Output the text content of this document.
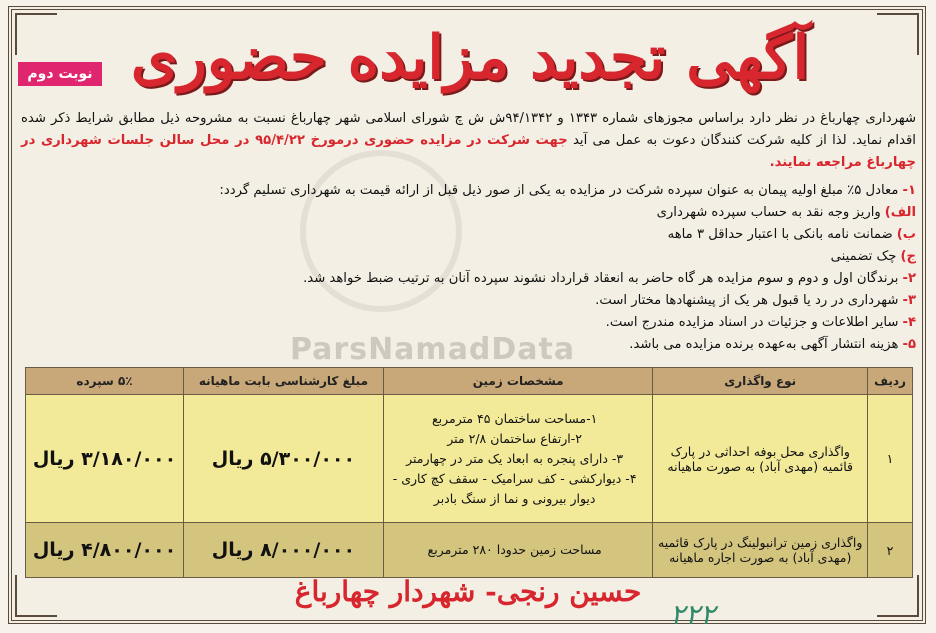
آگهی تجدید مزایده حضوری
نوبت دوم
شهرداری چهارباغ در نظر دارد براساس مجوزهای شماره ۱۳۴۳ و ۹۴/۱۳۴۲ش ش چ شورای اسلامی شهر چهارباغ نسبت به مشروحه ذیل مطابق شرایط ذکر شده اقدام نماید. لذا از کلیه شرکت کنندگان دعوت به عمل می آید جهت شرکت در مزایده حضوری درمورخ ۹۵/۴/۲۲ در محل سالن جلسات شهرداری در چهارباغ مراجعه نمایند.
۱-معادل ۵٪ مبلغ اولیه پیمان به عنوان سپرده شرکت در مزایده به یکی از صور ذیل قبل از ارائه قیمت به شهرداری تسلیم گردد:
الف)واریز وجه نقد به حساب سپرده شهرداری
ب)ضمانت نامه بانکی با اعتبار حداقل ۳ ماهه
ج)چک تضمینی
۲-برندگان اول و دوم و سوم مزایده هر گاه حاضر به انعقاد قرارداد نشوند سپرده آنان به ترتیب ضبط خواهد شد.
۳-شهرداری در رد یا قبول هر یک از پیشنهادها مختار است.
۴-سایر اطلاعات و جزئیات در اسناد مزایده مندرج است.
۵-هزینه انتشار آگهی به‌عهده برنده مزایده می باشد.
ParsNamadData
ردیف	نوع واگذاری	مشخصات زمین	مبلغ کارشناسی بابت ماهیانه	۵٪ سپرده
۱	واگذاری محل بوفه احداثی در پارک قائمیه (مهدی آباد) به صورت ماهیانه	۱-مساحت ساختمان ۴۵ مترمربع
۲-ارتفاع ساختمان ۲/۸ متر
۳- دارای پنجره به ابعاد یک متر در چهارمتر
۴- دیوارکشی - کف سرامیک - سقف کچ کاری - دیوار بیرونی و نما از سنگ بادبر	۵/۳۰۰/۰۰۰ ریال	۳/۱۸۰/۰۰۰ ریال
۲	واگذاری زمین ترانبولینگ در پارک قائمیه (مهدی آباد) به صورت اجاره ماهیانه	مساحت زمین حدودا ۲۸۰ مترمربع	۸/۰۰۰/۰۰۰ ریال	۴/۸۰۰/۰۰۰ ریال
حسین رنجی- شهردار چهارباغ
۲۲۲
